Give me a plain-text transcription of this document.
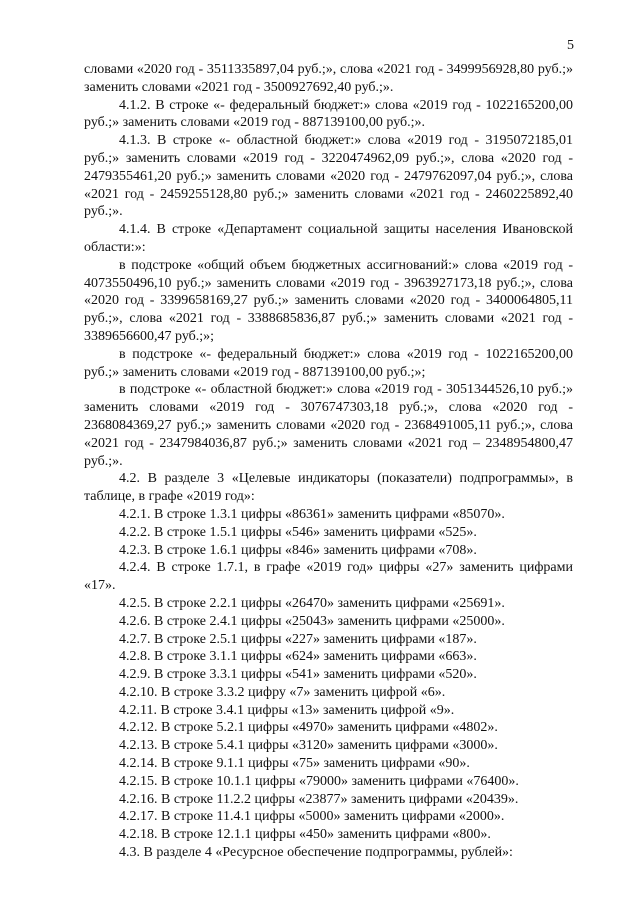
5

словами «2020 год - 3511335897,04 руб.;», слова «2021 год - 3499956928,80 руб.;» заменить словами «2021 год - 3500927692,40 руб.;».

4.1.2. В строке «- федеральный бюджет:» слова «2019 год - 1022165200,00 руб.;» заменить словами «2019 год - 887139100,00 руб.;».

4.1.3. В строке «- областной бюджет:» слова «2019 год - 3195072185,01 руб.;» заменить словами «2019 год - 3220474962,09 руб.;», слова «2020 год - 2479355461,20 руб.;» заменить словами «2020 год - 2479762097,04 руб.;», слова «2021 год - 2459255128,80 руб.;» заменить словами «2021 год - 2460225892,40 руб.;».

4.1.4. В строке «Департамент социальной защиты населения Ивановской области:»:

в подстроке «общий объем бюджетных ассигнований:» слова «2019 год - 4073550496,10 руб.;» заменить словами «2019 год - 3963927173,18 руб.;», слова «2020 год - 3399658169,27 руб.;» заменить словами «2020 год - 3400064805,11 руб.;», слова «2021 год - 3388685836,87 руб.;» заменить словами «2021 год - 3389656600,47 руб.;»;

в подстроке «- федеральный бюджет:» слова «2019 год - 1022165200,00 руб.;» заменить словами «2019 год - 887139100,00 руб.;»;

в подстроке «- областной бюджет:» слова «2019 год - 3051344526,10 руб.;» заменить словами «2019 год - 3076747303,18 руб.;», слова «2020 год - 2368084369,27 руб.;» заменить словами «2020 год - 2368491005,11 руб.;», слова «2021 год - 2347984036,87 руб.;» заменить словами «2021 год – 2348954800,47 руб.;».

4.2. В разделе 3 «Целевые индикаторы (показатели) подпрограммы», в таблице, в графе «2019 год»:

4.2.1. В строке 1.3.1 цифры «86361» заменить цифрами «85070».

4.2.2. В строке 1.5.1 цифры «546» заменить цифрами «525».

4.2.3. В строке 1.6.1 цифры «846» заменить цифрами «708».

4.2.4. В строке 1.7.1, в графе «2019 год» цифры «27» заменить цифрами «17».

4.2.5. В строке 2.2.1 цифры «26470» заменить цифрами «25691».

4.2.6. В строке 2.4.1 цифры «25043» заменить цифрами «25000».

4.2.7. В строке 2.5.1 цифры «227» заменить цифрами «187».

4.2.8. В строке 3.1.1 цифры «624» заменить цифрами «663».

4.2.9. В строке 3.3.1 цифры «541» заменить цифрами «520».

4.2.10. В строке 3.3.2 цифру «7» заменить цифрой «6».

4.2.11. В строке 3.4.1 цифры «13» заменить цифрой «9».

4.2.12. В строке 5.2.1 цифры «4970» заменить цифрами «4802».

4.2.13. В строке 5.4.1 цифры «3120» заменить цифрами «3000».

4.2.14. В строке 9.1.1 цифры «75» заменить цифрами «90».

4.2.15. В строке 10.1.1 цифры «79000» заменить цифрами «76400».

4.2.16. В строке 11.2.2 цифры «23877» заменить цифрами «20439».

4.2.17. В строке 11.4.1 цифры «5000» заменить цифрами «2000».

4.2.18. В строке 12.1.1 цифры «450» заменить цифрами «800».

4.3. В разделе 4 «Ресурсное обеспечение подпрограммы, рублей»:
